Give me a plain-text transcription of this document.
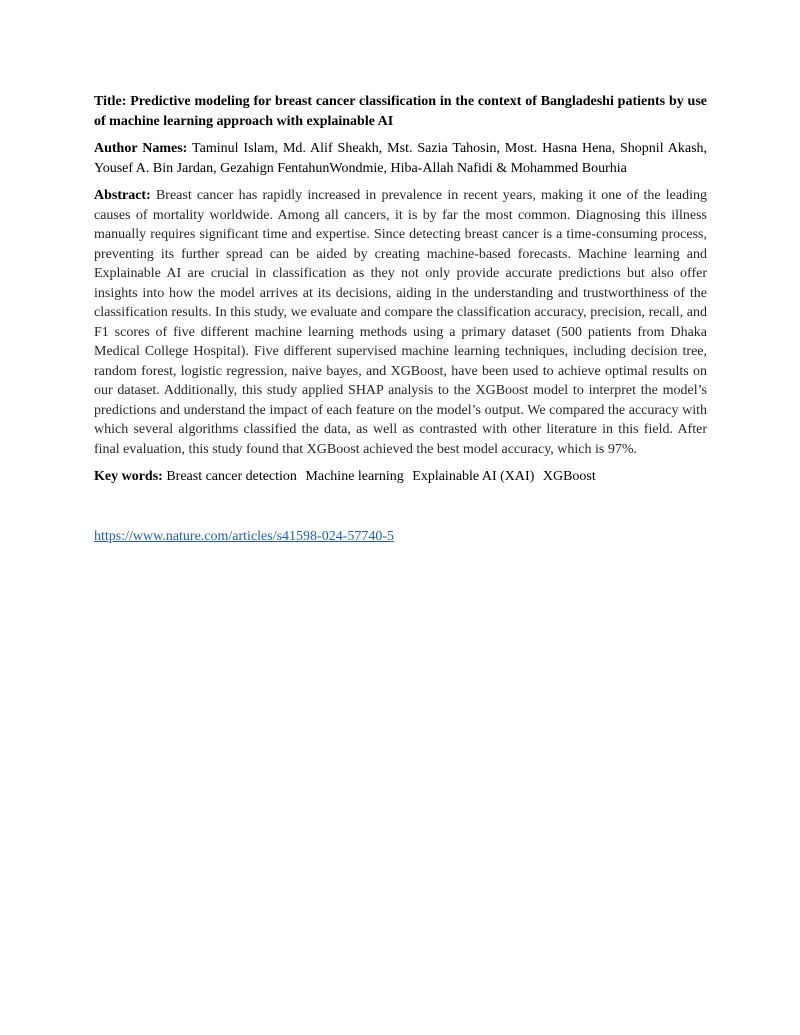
Title: Predictive modeling for breast cancer classification in the context of Bangladeshi patients by use of machine learning approach with explainable AI

Author Names: Taminul Islam, Md. Alif Sheakh, Mst. Sazia Tahosin, Most. Hasna Hena, Shopnil Akash, Yousef A. Bin Jardan, Gezahign FentahunWondmie, Hiba-Allah Nafidi & Mohammed Bourhia

Abstract: Breast cancer has rapidly increased in prevalence in recent years, making it one of the leading causes of mortality worldwide. Among all cancers, it is by far the most common. Diagnosing this illness manually requires significant time and expertise. Since detecting breast cancer is a time-consuming process, preventing its further spread can be aided by creating machine-based forecasts. Machine learning and Explainable AI are crucial in classification as they not only provide accurate predictions but also offer insights into how the model arrives at its decisions, aiding in the understanding and trustworthiness of the classification results. In this study, we evaluate and compare the classification accuracy, precision, recall, and F1 scores of five different machine learning methods using a primary dataset (500 patients from Dhaka Medical College Hospital). Five different supervised machine learning techniques, including decision tree, random forest, logistic regression, naive bayes, and XGBoost, have been used to achieve optimal results on our dataset. Additionally, this study applied SHAP analysis to the XGBoost model to interpret the model’s predictions and understand the impact of each feature on the model’s output. We compared the accuracy with which several algorithms classified the data, as well as contrasted with other literature in this field. After final evaluation, this study found that XGBoost achieved the best model accuracy, which is 97%.

Key words: Breast cancer detection Machine learning Explainable AI (XAI) XGBoost

https://www.nature.com/articles/s41598-024-57740-5
